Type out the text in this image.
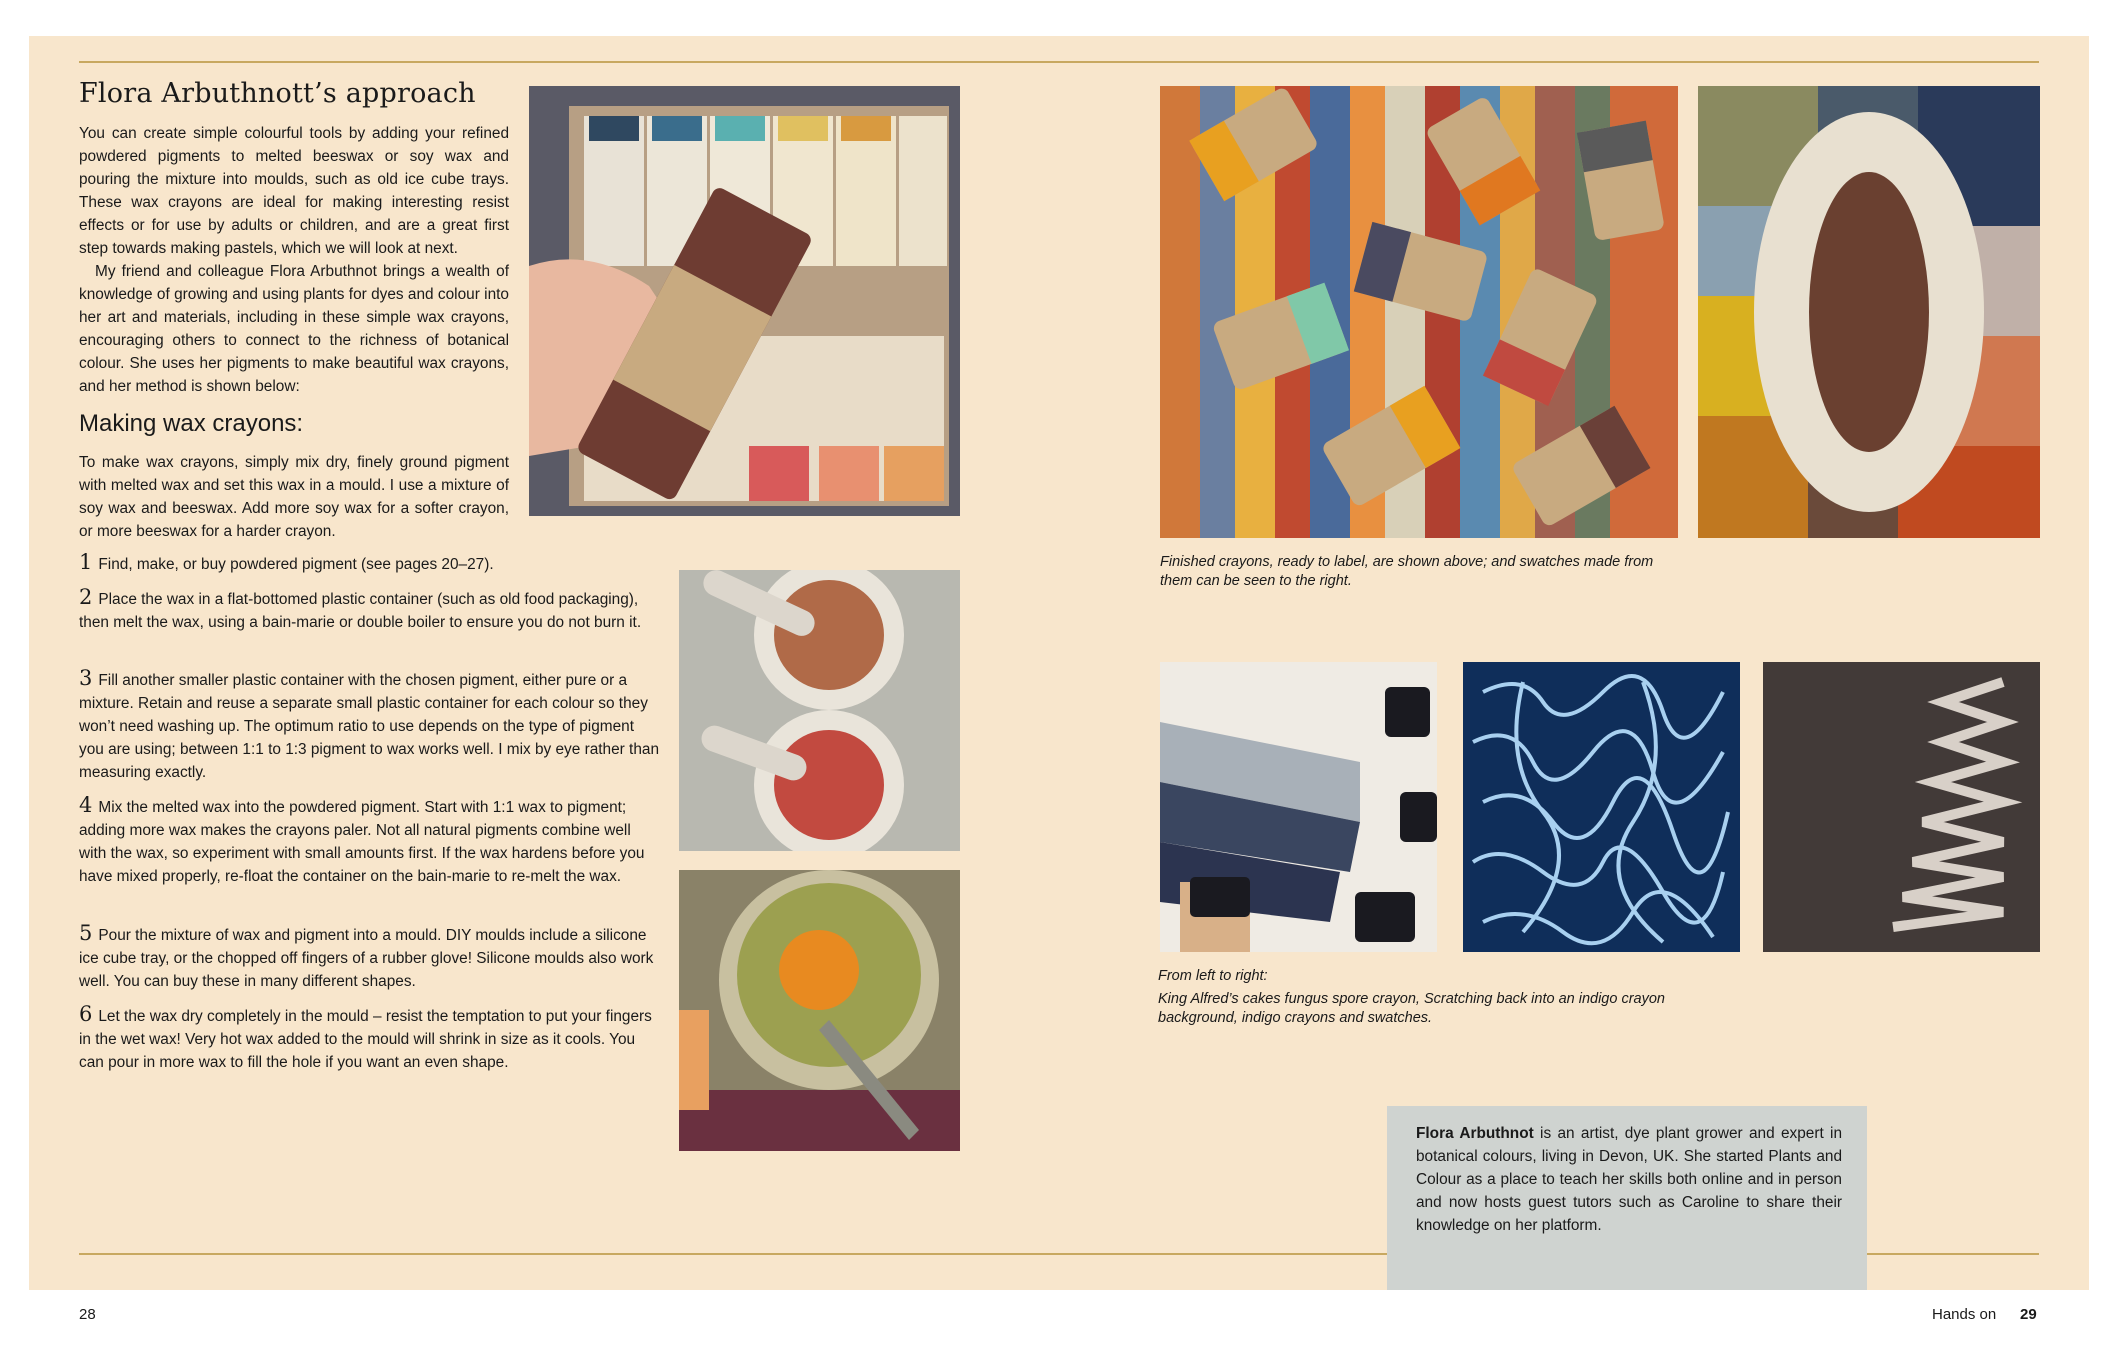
Flora Arbuthnott’s approach

You can create simple colourful tools by adding your refined powdered pigments to melted beeswax or soy wax and pouring the mixture into moulds, such as old ice cube trays. These wax crayons are ideal for making interesting resist effects or for use by adults or children, and are a great first step towards making pastels, which we will look at next.

My friend and colleague Flora Arbuthnot brings a wealth of knowledge of growing and using plants for dyes and colour into her art and materials, including in these simple wax crayons, encouraging others to connect to the richness of botanical colour. She uses her pigments to make beautiful wax crayons, and her method is shown below:

Making wax crayons:

To make wax crayons, simply mix dry, finely ground pigment with melted wax and set this wax in a mould. I use a mixture of soy wax and beeswax. Add more soy wax for a softer crayon, or more beeswax for a harder crayon.

1 Find, make, or buy powdered pigment (see pages 20–27).

2 Place the wax in a flat-bottomed plastic container (such as old food packaging), then melt the wax, using a bain-marie or double boiler to ensure you do not burn it.

3 Fill another smaller plastic container with the chosen pigment, either pure or a mixture. Retain and reuse a separate small plastic container for each colour so they won’t need washing up. The optimum ratio to use depends on the type of pigment you are using; between 1:1 to 1:3 pigment to wax works well. I mix by eye rather than measuring exactly.

4 Mix the melted wax into the powdered pigment. Start with 1:1 wax to pigment; adding more wax makes the crayons paler. Not all natural pigments combine well with the wax, so experiment with small amounts first. If the wax hardens before you have mixed properly, re-float the container on the bain-marie to re-melt the wax.

5 Pour the mixture of wax and pigment into a mould. DIY moulds include a silicone ice cube tray, or the chopped off fingers of a rubber glove! Silicone moulds also work well. You can buy these in many different shapes.

6 Let the wax dry completely in the mould – resist the temptation to put your fingers in the wet wax! Very hot wax added to the mould will shrink in size as it cools. You can pour in more wax to fill the hole if you want an even shape.

Finished crayons, ready to label, are shown above; and swatches made from them can be seen to the right.
From left to right:
King Alfred’s cakes fungus spore crayon, Scratching back into an indigo crayon background, indigo crayons and swatches.

Flora Arbuthnot is an artist, dye plant grower and expert in botanical colours, living in Devon, UK. She started Plants and Colour as a place to teach her skills both online and in person and now hosts guest tutors such as Caroline to share their knowledge on her platform.

28	Hands on 29
